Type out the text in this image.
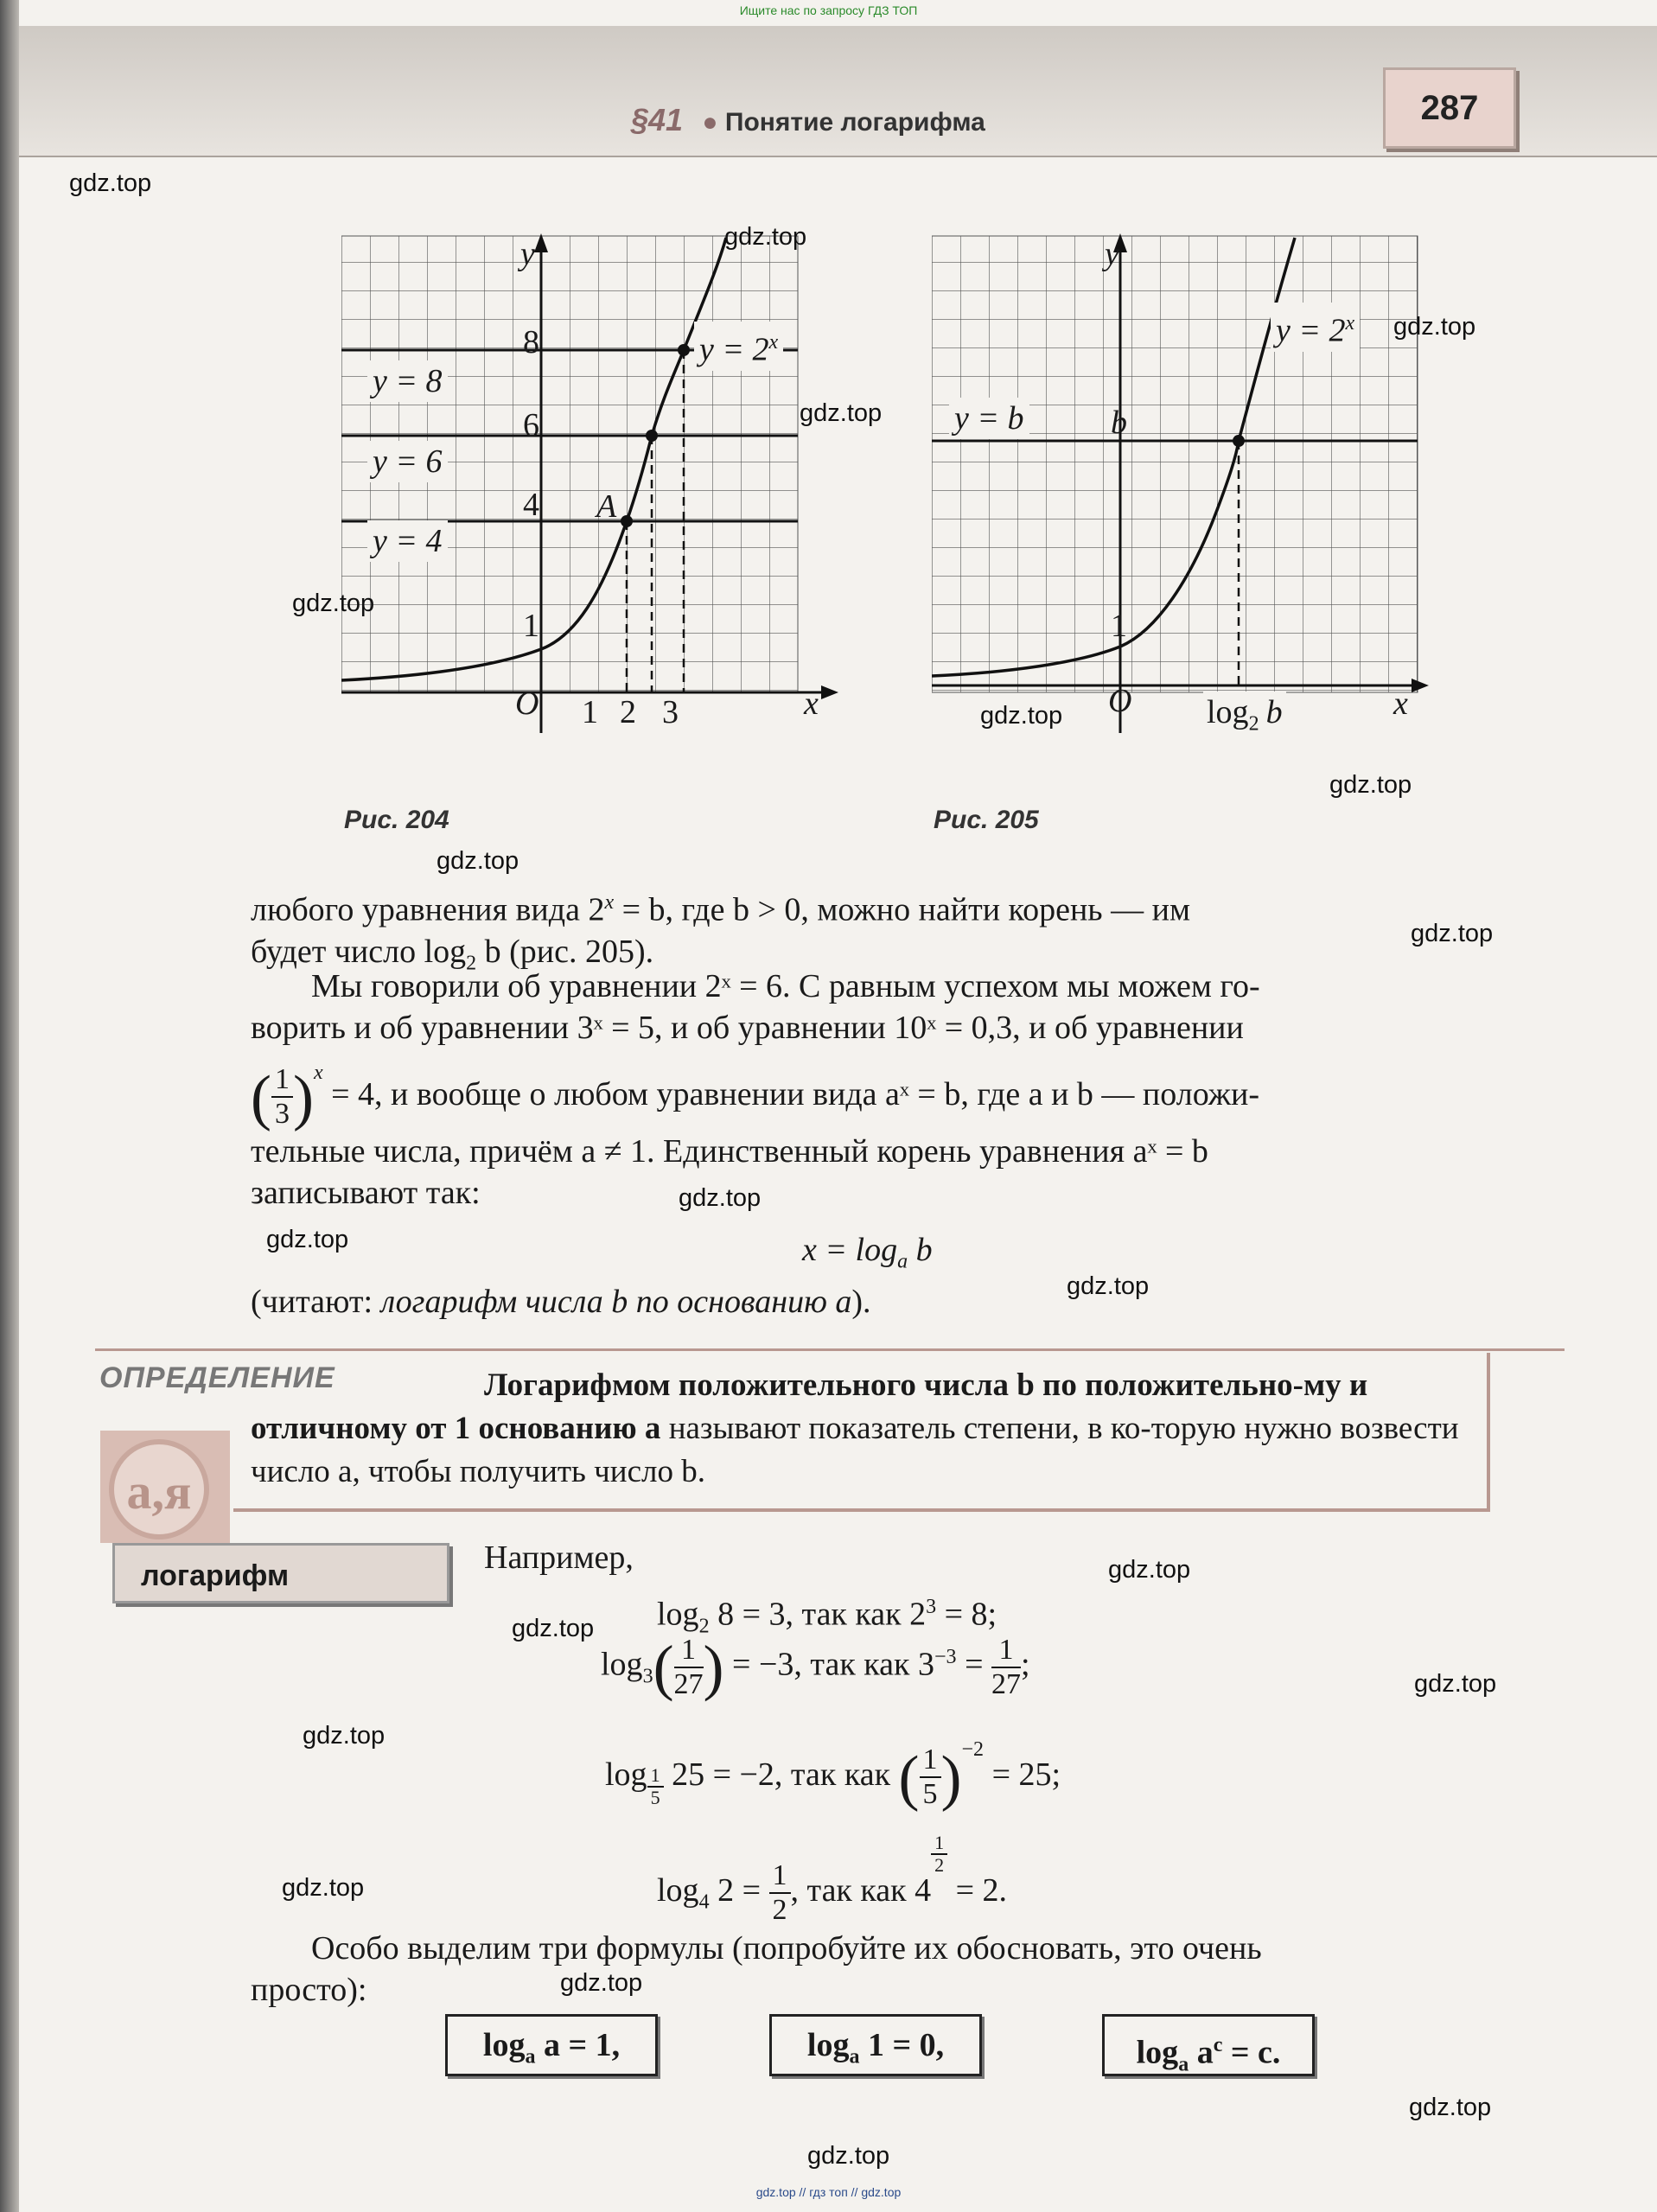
Ищите нас по запросу ГДЗ ТОП
§41 ● Понятие логарифма	287
y
x
O 1 2 3
1
4
6
8
y = 8
y = 6
y = 4
$y = 2^x$
A
Рис. 204
y
x
O
1
b
y = b
$y = 2^x$
$\log_2 b$
Рис. 205
любого уравнения вида $2^x = b$, где b > 0, можно найти корень — им
будет число $\log_2 b$ (рис. 205).
Мы говорили об уравнении 2ˣ = 6. С равным успехом мы можем го-
ворить и об уравнении 3ˣ = 5, и об уравнении 10ˣ = 0,3, и об уравнении
( $\frac{1}{3} )^x = 4$, и вообще о любом уравнении вида aˣ = b, где a и b — положи-
тельные числа, причём a ≠ 1. Единственный корень уравнения aˣ = b
записывают так:
$x = \log_a b$
(читают: логарифм числа b по основанию a).
ОПРЕДЕЛЕНИЕ	Логарифмом положительного числа b по положительно-му и отличному от 1 основанию a называют показатель степени, в ко-торую нужно возвести число a, чтобы получить число b.
а,я
логарифм	Например,
$\log_2 8 = 3$, так как $2^3 = 8$;
$\log_3( \frac{1}{27}$ ) = −3, так как $3^{-3} = \frac{1}{27}$ ;
$\log \frac{1}{5} 25 = -2$, так как ( $\frac{1}{5} )^{-2} = 25$;
$\log_4 2 = \frac{1}{2}$ , так как 4
$\frac{1}{2}$
= 2.
Особо выделим три формулы (попробуйте их обосновать, это очень
просто):
$\log_a a = 1$,	$\log_a 1 = 0$,	$\log_a a^c = c$.
gdz.top
gdz.top
gdz.top
gdz.top
gdz.top
gdz.top
gdz.top
gdz.top
gdz.top
gdz.top
gdz.top
gdz.top
gdz.top
gdz.top
gdz.top
gdz.top
gdz.top
gdz.top
gdz.top
gdz.top
gdz.top // гдз топ // gdz.top
